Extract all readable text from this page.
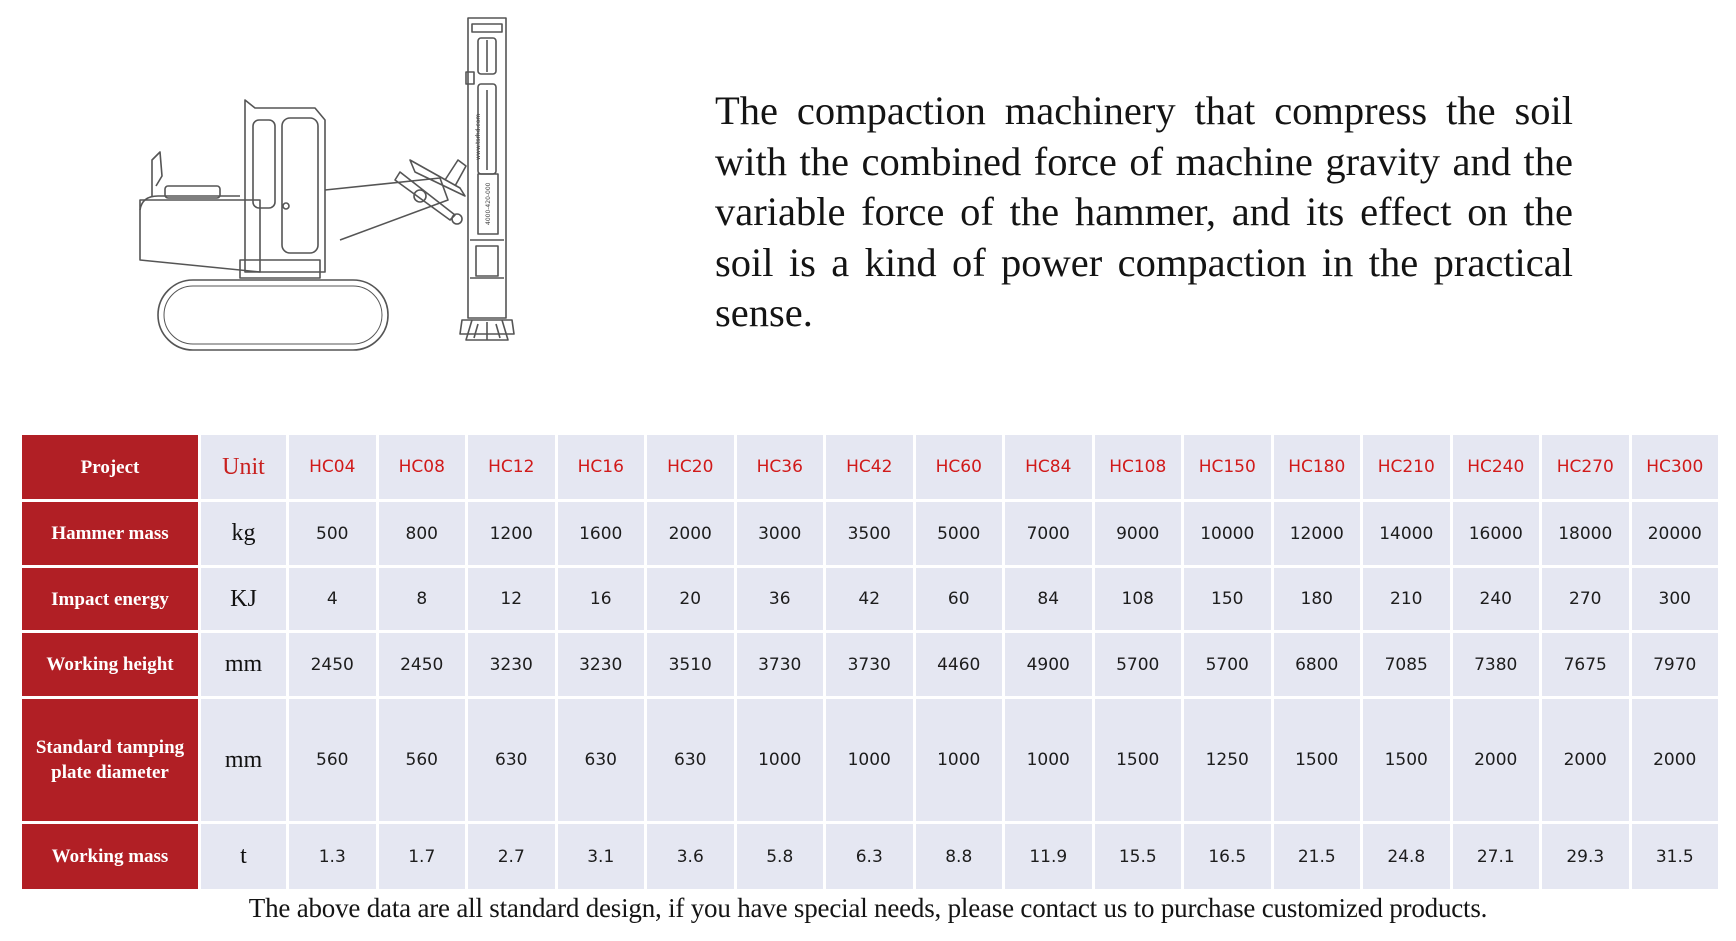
www.tsrhd.com
4000-420-000

The compaction machinery that compress the soil with the combined force of machine gravity and the variable force of the hammer, and its effect on the soil is a kind of power compaction in the practical sense.

Project	Unit	HC04	HC08	HC12	HC16	HC20	HC36	HC42	HC60	HC84	HC108	HC150	HC180	HC210	HC240	HC270	HC300
Hammer mass	kg	500	800	1200	1600	2000	3000	3500	5000	7000	9000	10000	12000	14000	16000	18000	20000
Impact energy	KJ	4	8	12	16	20	36	42	60	84	108	150	180	210	240	270	300
Working height	mm	2450	2450	3230	3230	3510	3730	3730	4460	4900	5700	5700	6800	7085	7380	7675	7970
Standard tamping plate diameter	mm	560	560	630	630	630	1000	1000	1000	1000	1500	1250	1500	1500	2000	2000	2000
Working mass	t	1.3	1.7	2.7	3.1	3.6	5.8	6.3	8.8	11.9	15.5	16.5	21.5	24.8	27.1	29.3	31.5

The above data are all standard design, if you have special needs, please contact us to purchase customized products.
